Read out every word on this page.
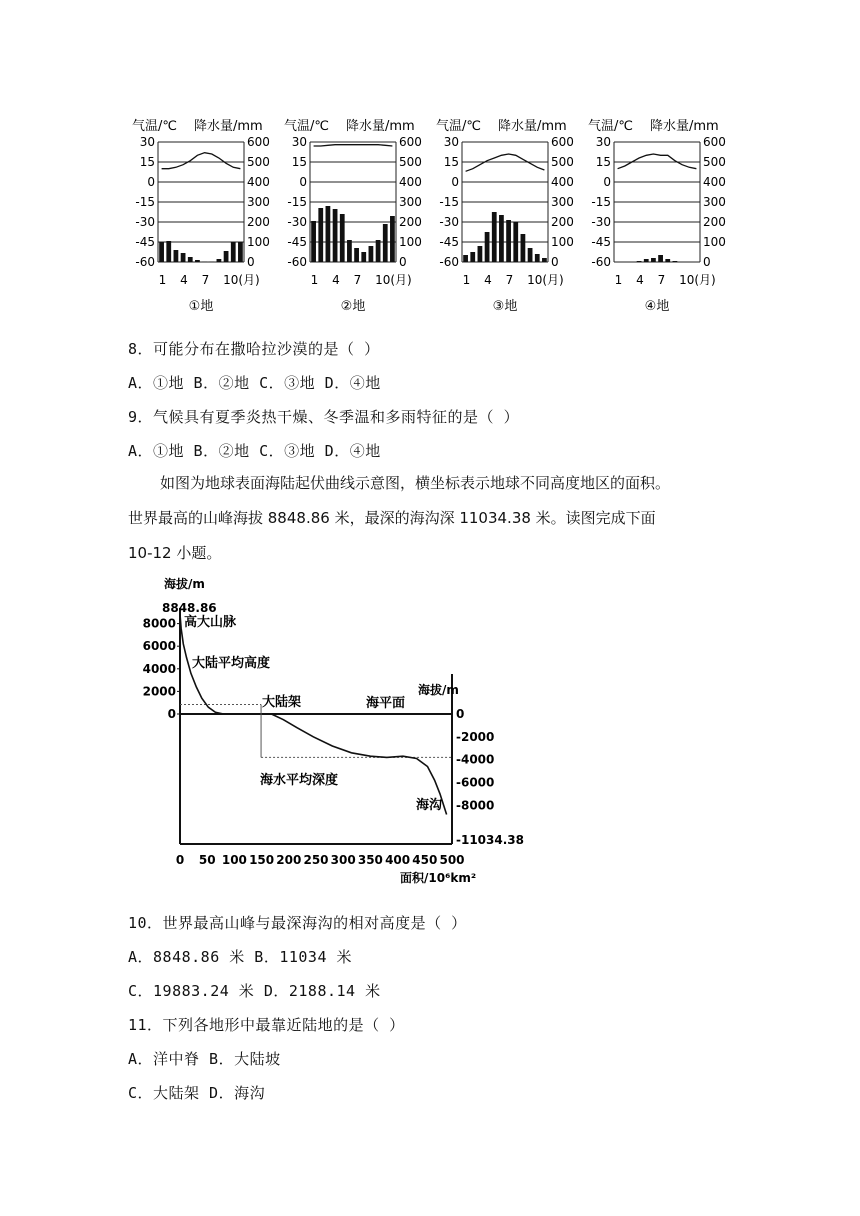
气温/℃ 降水量/mm
30	600
15	500
0	400
-15	300
-30	200
-45	100
-60	0
1 4 7 10(月)
①地
气温/℃ 降水量/mm
30	600
15	500
0	400
-15	300
-30	200
-45	100
-60	0
1 4 7 10(月)
②地
气温/℃ 降水量/mm
30	600
15	500
0	400
-15	300
-30	200
-45	100
-60	0
1 4 7 10(月)
③地
气温/℃ 降水量/mm
30	600
15	500
0	400
-15	300
-30	200
-45	100
-60	0
1 4 7 10(月)
④地
8．可能分布在撒哈拉沙漠的是（ ）
A．①地 B．②地 C．③地 D．④地
9．气候具有夏季炎热干燥、冬季温和多雨特征的是（ ）
A．①地 B．②地 C．③地 D．④地
如图为地球表面海陆起伏曲线示意图，横坐标表示地球不同高度地区的面积。
世界最高的山峰海拔 8848.86 米，最深的海沟深 11034.38 米。读图完成下面
10-12 小题。
海拔/m
8848.86
8000
6000
4000
2000
0
海拔/m
0
-2000
-4000
-6000
-8000
-11034.38
0 50 100 150 200 250 300 350 400 450 500
面积/10⁶km²
高大山脉
大陆平均高度
大陆架	海平面
海水平均深度
海沟
10．世界最高山峰与最深海沟的相对高度是（ ）
A．8848.86 米 B．11034 米
C．19883.24 米 D．2188.14 米
11．下列各地形中最靠近陆地的是（ ）
A．洋中脊 B．大陆坡
C．大陆架 D．海沟
